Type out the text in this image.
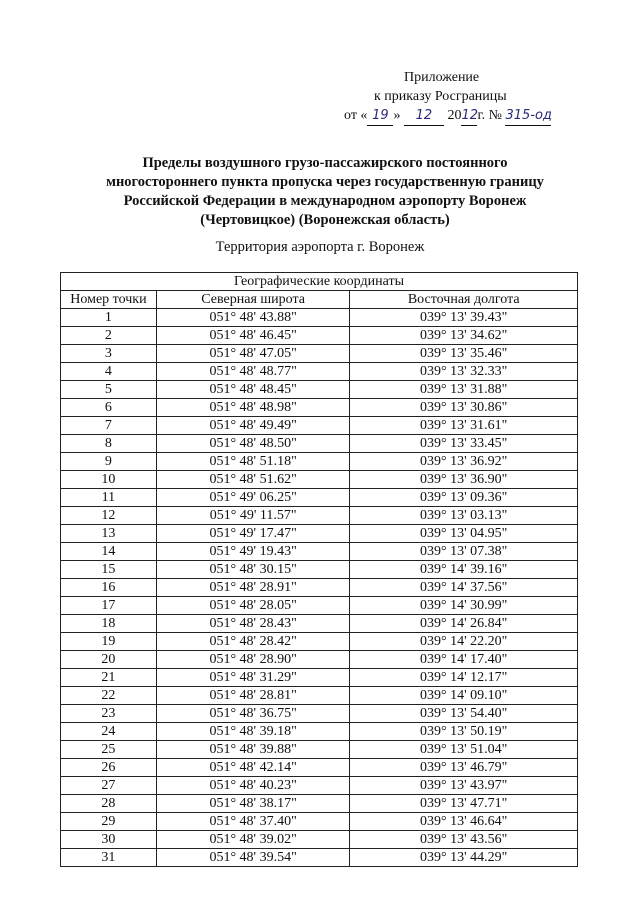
Приложение
к приказу Росграницы
от « 19 » 12 2012г. № 315-од
Пределы воздушного грузо-пассажирского постоянного
многостороннего пункта пропуска через государственную границу
Российской Федерации в международном аэропорту Воронеж
(Чертовицкое) (Воронежская область)
Территория аэропорта г. Воронеж
Географические координаты		
Номер точки	Северная широта	Восточная долгота
1	051° 48' 43.88"	039° 13' 39.43"
2	051° 48' 46.45"	039° 13' 34.62"
3	051° 48' 47.05"	039° 13' 35.46"
4	051° 48' 48.77"	039° 13' 32.33"
5	051° 48' 48.45"	039° 13' 31.88"
6	051° 48' 48.98"	039° 13' 30.86"
7	051° 48' 49.49"	039° 13' 31.61"
8	051° 48' 48.50"	039° 13' 33.45"
9	051° 48' 51.18"	039° 13' 36.92"
10	051° 48' 51.62"	039° 13' 36.90"
11	051° 49' 06.25"	039° 13' 09.36"
12	051° 49' 11.57"	039° 13' 03.13"
13	051° 49' 17.47"	039° 13' 04.95"
14	051° 49' 19.43"	039° 13' 07.38"
15	051° 48' 30.15"	039° 14' 39.16"
16	051° 48' 28.91"	039° 14' 37.56"
17	051° 48' 28.05"	039° 14' 30.99"
18	051° 48' 28.43"	039° 14' 26.84"
19	051° 48' 28.42"	039° 14' 22.20"
20	051° 48' 28.90"	039° 14' 17.40"
21	051° 48' 31.29"	039° 14' 12.17"
22	051° 48' 28.81"	039° 14' 09.10"
23	051° 48' 36.75"	039° 13' 54.40"
24	051° 48' 39.18"	039° 13' 50.19"
25	051° 48' 39.88"	039° 13' 51.04"
26	051° 48' 42.14"	039° 13' 46.79"
27	051° 48' 40.23"	039° 13' 43.97"
28	051° 48' 38.17"	039° 13' 47.71"
29	051° 48' 37.40"	039° 13' 46.64"
30	051° 48' 39.02"	039° 13' 43.56"
31	051° 48' 39.54"	039° 13' 44.29"
